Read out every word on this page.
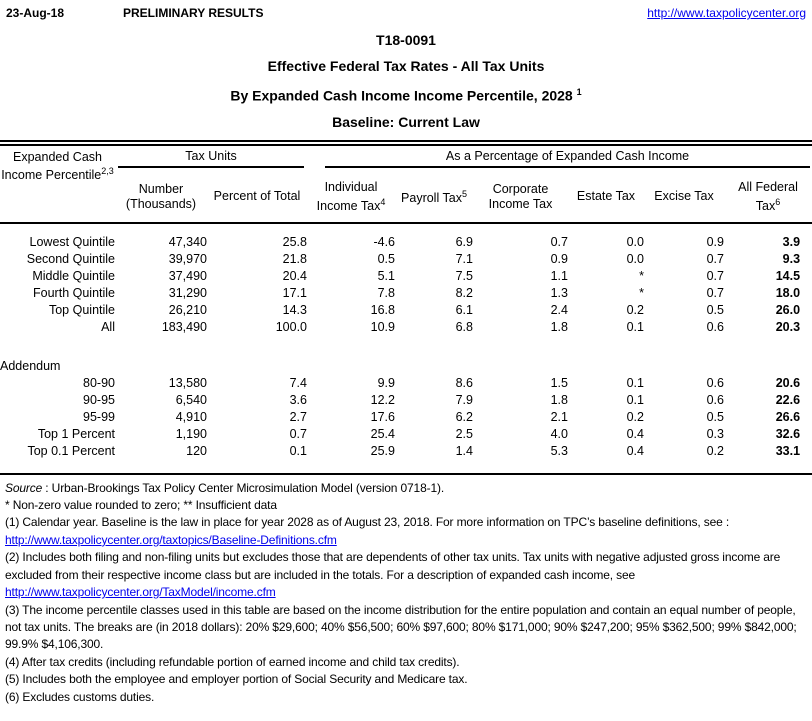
23-Aug-18	PRELIMINARY RESULTS	http://www.taxpolicycenter.org
T18-0091
Effective Federal Tax Rates - All Tax Units
By Expanded Cash Income Income Percentile, 2028 $^1$
Baseline: Current Law
Expanded Cash Income Percentile$^{2,3}$	Tax Units		As a Percentage of Expanded Cash Income					

	Number (Thousands)	Percent of Total	Individual Income Tax$^4$	Payroll Tax$^5$	Corporate Income Tax	Estate Tax	Excise Tax	All Federal Tax$^6$
Lowest Quintile	47,340	25.8	-4.6	6.9	0.7	0.0	0.9	3.9
Second Quintile	39,970	21.8	0.5	7.1	0.9	0.0	0.7	9.3
Middle Quintile	37,490	20.4	5.1	7.5	1.1	*	0.7	14.5
Fourth Quintile	31,290	17.1	7.8	8.2	1.3	*	0.7	18.0
Top Quintile	26,210	14.3	16.8	6.1	2.4	0.2	0.5	26.0
All	183,490	100.0	10.9	6.8	1.8	0.1	0.6	20.3

Addendum								
80-90	13,580	7.4	9.9	8.6	1.5	0.1	0.6	20.6
90-95	6,540	3.6	12.2	7.9	1.8	0.1	0.6	22.6
95-99	4,910	2.7	17.6	6.2	2.1	0.2	0.5	26.6
Top 1 Percent	1,190	0.7	25.4	2.5	4.0	0.4	0.3	32.6
Top 0.1 Percent	120	0.1	25.9	1.4	5.3	0.4	0.2	33.1

Source : Urban-Brookings Tax Policy Center Microsimulation Model (version 0718-1).
* Non-zero value rounded to zero; ** Insufficient data
(1) Calendar year. Baseline is the law in place for year 2028 as of August 23, 2018. For more information on TPC’s baseline definitions, see :
http://www.taxpolicycenter.org/taxtopics/Baseline-Definitions.cfm
(2) Includes both filing and non-filing units but excludes those that are dependents of other tax units. Tax units with negative adjusted gross income are excluded from their respective income class but are included in the totals. For a description of expanded cash income, see
http://www.taxpolicycenter.org/TaxModel/income.cfm
(3) The income percentile classes used in this table are based on the income distribution for the entire population and contain an equal number of people, not tax units. The breaks are (in 2018 dollars): 20% $29,600; 40% $56,500; 60% $97,600; 80% $171,000; 90% $247,200; 95% $362,500; 99% $842,000; 99.9% $4,106,300.
(4) After tax credits (including refundable portion of earned income and child tax credits).
(5) Includes both the employee and employer portion of Social Security and Medicare tax.
(6) Excludes customs duties.
